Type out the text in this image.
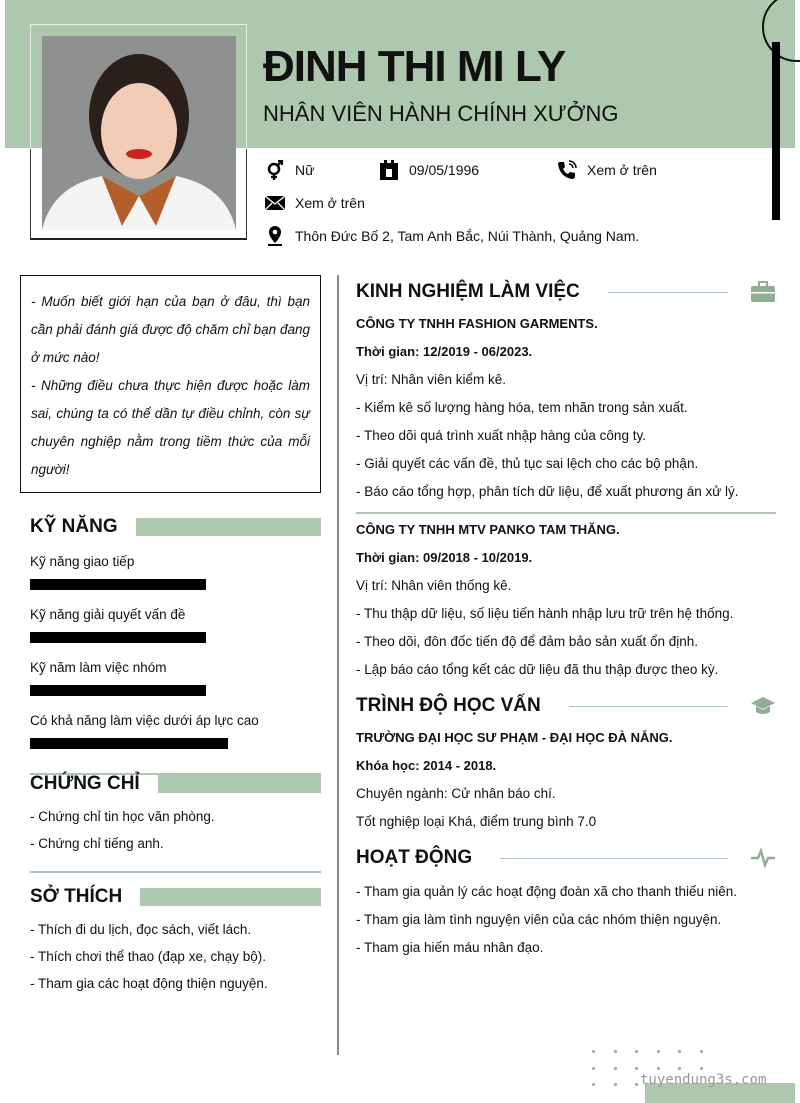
ĐINH THI MI LY
NHÂN VIÊN HÀNH CHÍNH XƯỞNG
Nữ	09/05/1996	Xem ở trên
Xem ở trên
Thôn Đức Bố 2, Tam Anh Bắc, Núi Thành, Quảng Nam.
- Muốn biết giới hạn của bạn ở đâu, thì bạn cần phải đánh giá được độ chăm chỉ bạn đang ở mức nào!
- Những điều chưa thực hiện được hoặc làm sai, chúng ta có thể dần tự điều chỉnh, còn sự chuyên nghiệp nằm trong tiềm thức của mỗi người!
KỸ NĂNG
Kỹ năng giao tiếp
Kỹ năng giải quyết vấn đề
Kỹ năm làm việc nhóm
Có khả năng làm việc dưới áp lực cao
CHỨNG CHỈ
- Chứng chỉ tin học văn phòng.
- Chứng chỉ tiếng anh.
SỞ THÍCH
- Thích đi du lịch, đọc sách, viết lách.
- Thích chơi thể thao (đạp xe, chạy bộ).
- Tham gia các hoạt động thiện nguyện.
KINH NGHIỆM LÀM VIỆC
CÔNG TY TNHH FASHION GARMENTS.
Thời gian: 12/2019 - 06/2023.
Vị trí: Nhân viên kiểm kê.
- Kiểm kê số lượng hàng hóa, tem nhãn trong sản xuất.
- Theo dõi quá trình xuất nhập hàng của công ty.
- Giải quyết các vấn đề, thủ tục sai lệch cho các bộ phận.
- Báo cáo tổng hợp, phân tích dữ liệu, để xuất phương án xử lý.
CÔNG TY TNHH MTV PANKO TAM THĂNG.
Thời gian: 09/2018 - 10/2019.
Vị trí: Nhân viên thống kê.
- Thu thập dữ liệu, số liệu tiến hành nhập lưu trữ trên hệ thống.
- Theo dõi, đôn đốc tiến độ để đảm bảo sản xuất ổn định.
- Lập báo cáo tổng kết các dữ liệu đã thu thập được theo kỳ.
TRÌNH ĐỘ HỌC VẤN
TRƯỜNG ĐẠI HỌC SƯ PHẠM - ĐẠI HỌC ĐÀ NẴNG.
Khóa học: 2014 - 2018.
Chuyên ngành: Cử nhân báo chí.
Tốt nghiệp loại Khá, điểm trung bình 7.0
HOẠT ĐỘNG
- Tham gia quản lý các hoạt động đoàn xã cho thanh thiếu niên.
- Tham gia làm tình nguyện viên của các nhóm thiện nguyện.
- Tham gia hiến máu nhân đạo.
tuyendung3s.com
